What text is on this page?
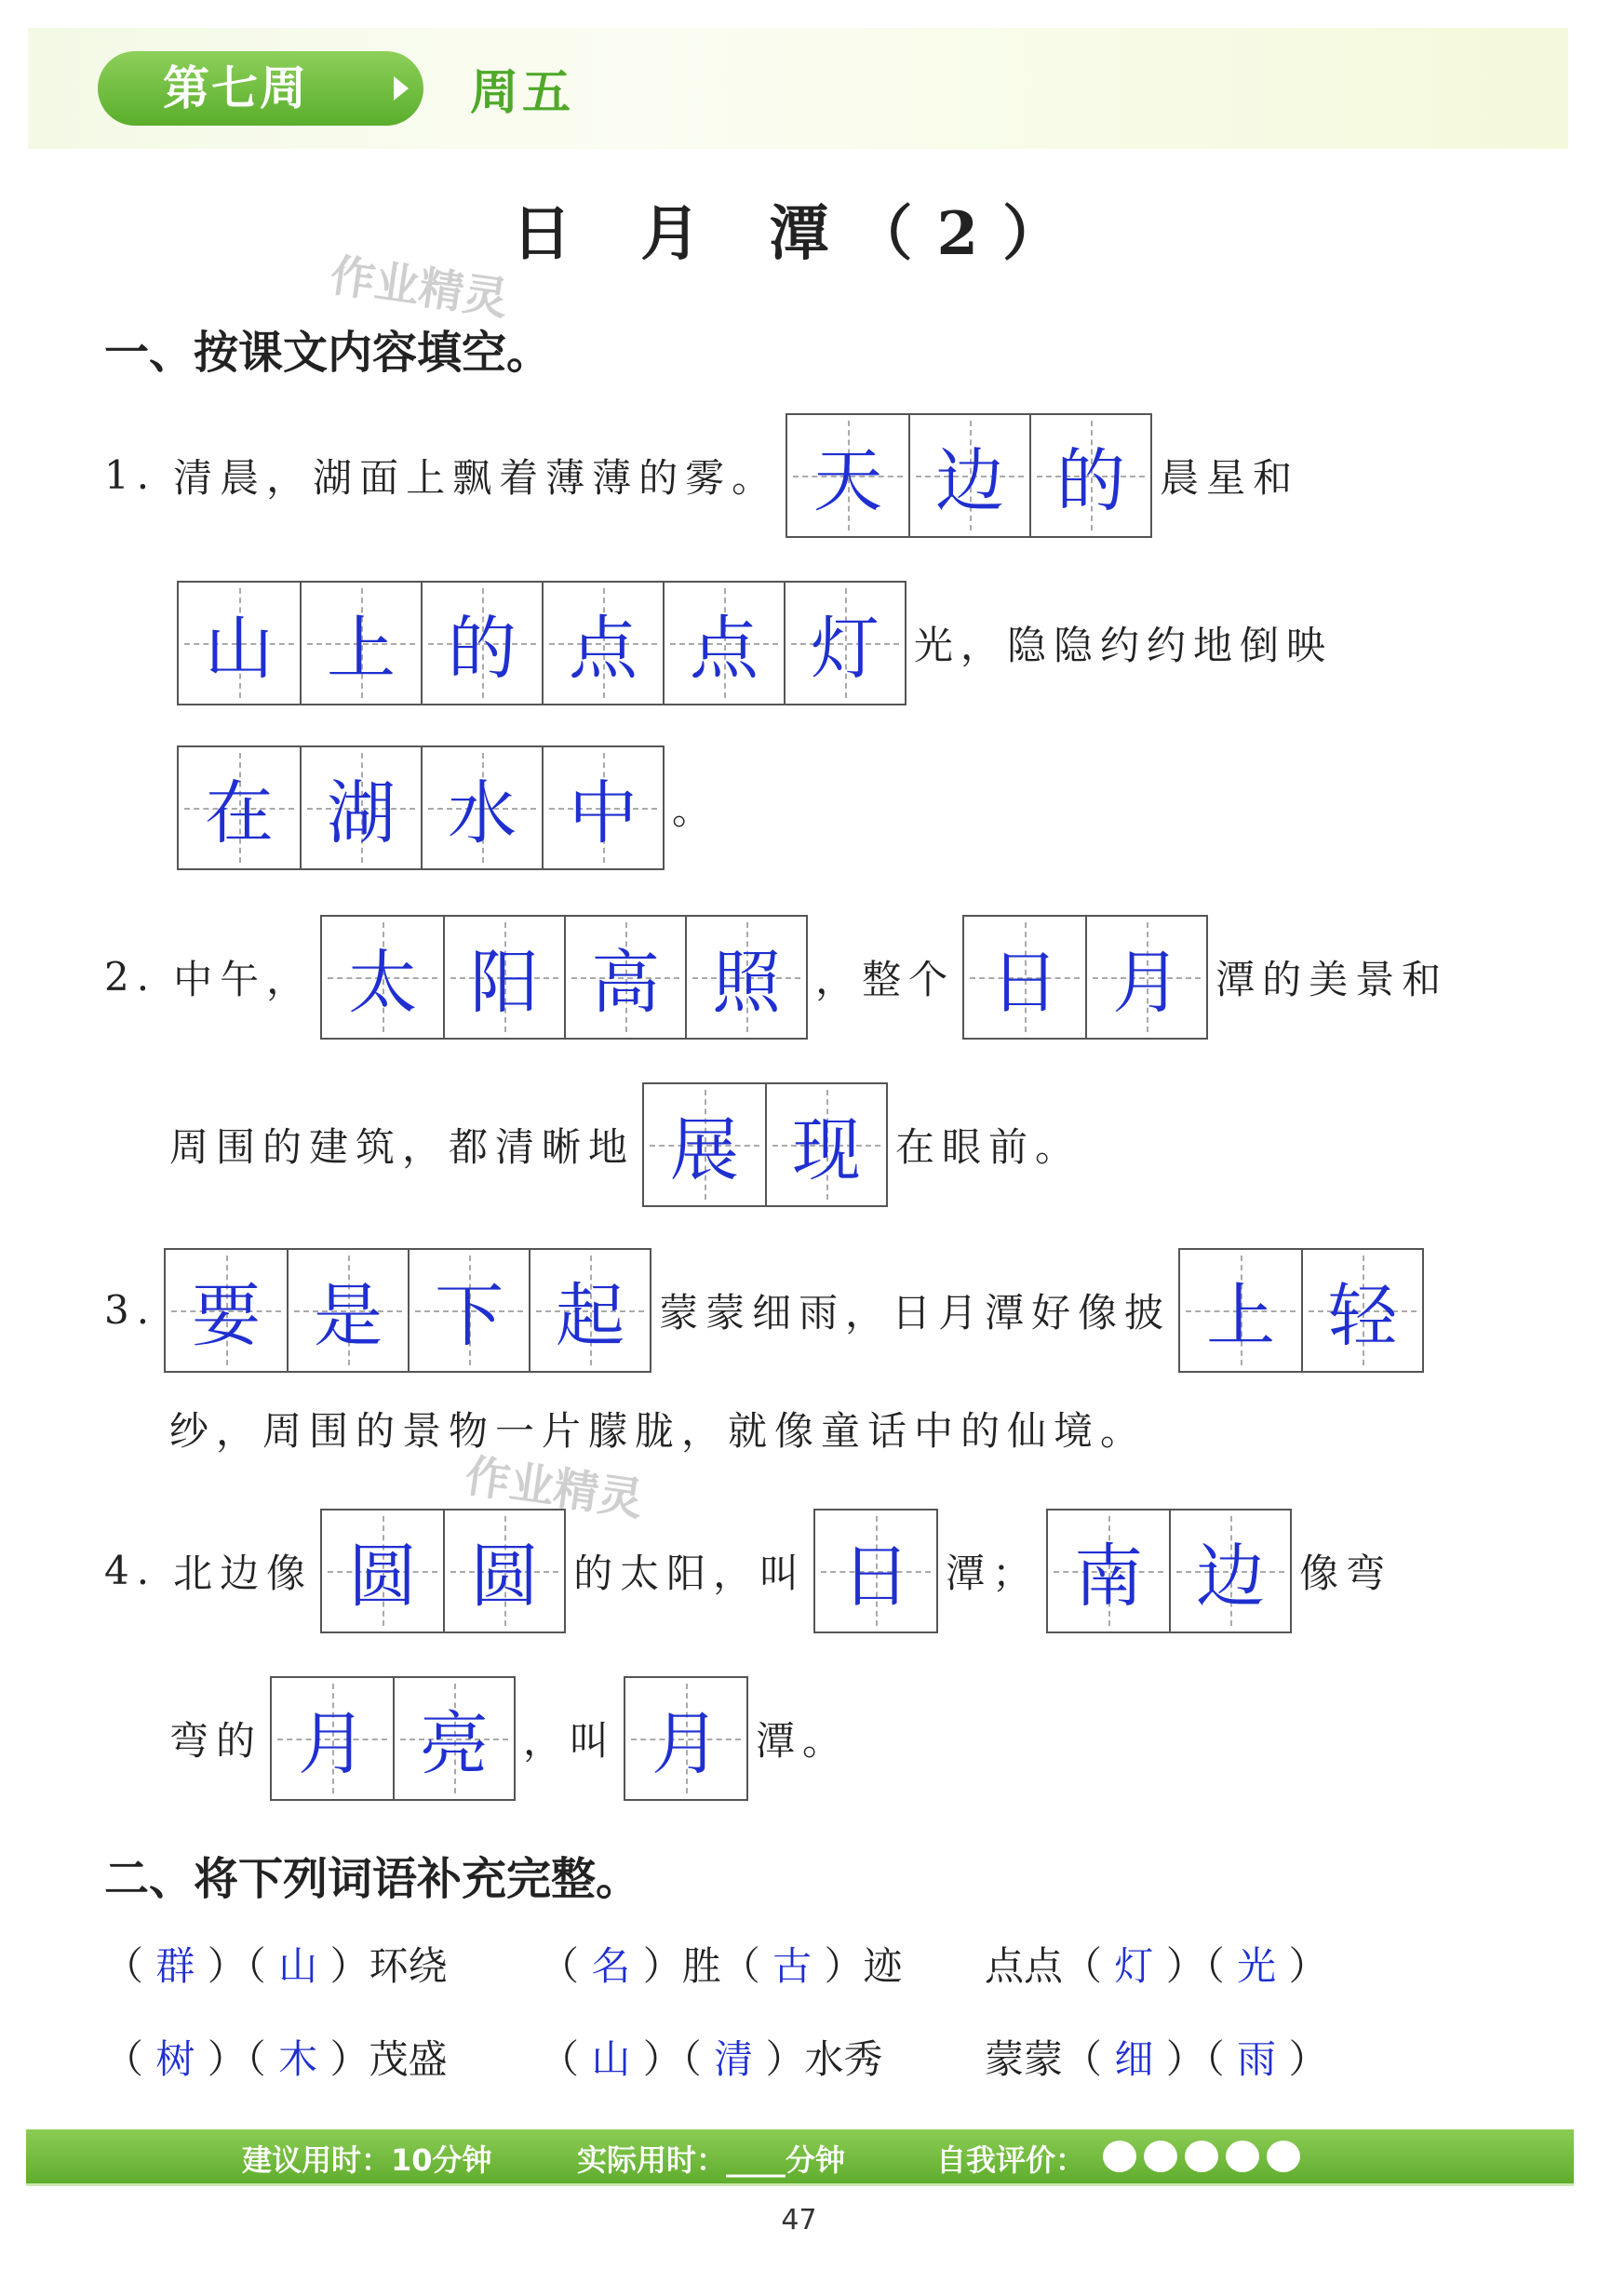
第七周	周五
日 月 潭（2）
作业精灵
作业精灵
一、按课文内容填空。
1. 清晨，湖面上飘着薄薄的雾。 天 边 的 晨星和
山 上 的 点 点 灯 光，隐隐约约地倒映
在 湖 水 中 。
2. 中午， 太 阳 高 照 ，整个 日 月 潭的美景和
周围的建筑，都清晰地 展 现 在眼前。
3. 要 是 下 起 蒙蒙细雨，日月潭好像披 上 轻
纱，周围的景物一片朦胧，就像童话中的仙境。
4. 北边像 圆 圆 的太阳，叫 日 潭； 南 边 像弯
弯的 月 亮 ，叫 月 潭。
二、将下列词语补充完整。
（ 群 ）（ 山 ）环绕 （ 名 ）胜（ 古 ）迹 点点（ 灯 ）（ 光 ）
（ 树 ）（ 木 ）茂盛 （ 山 ）（ 清 ）水秀	蒙蒙（ 细 ）（ 雨 ）
建议用时：10分钟	实际用时：____分钟	自我评价：
47
